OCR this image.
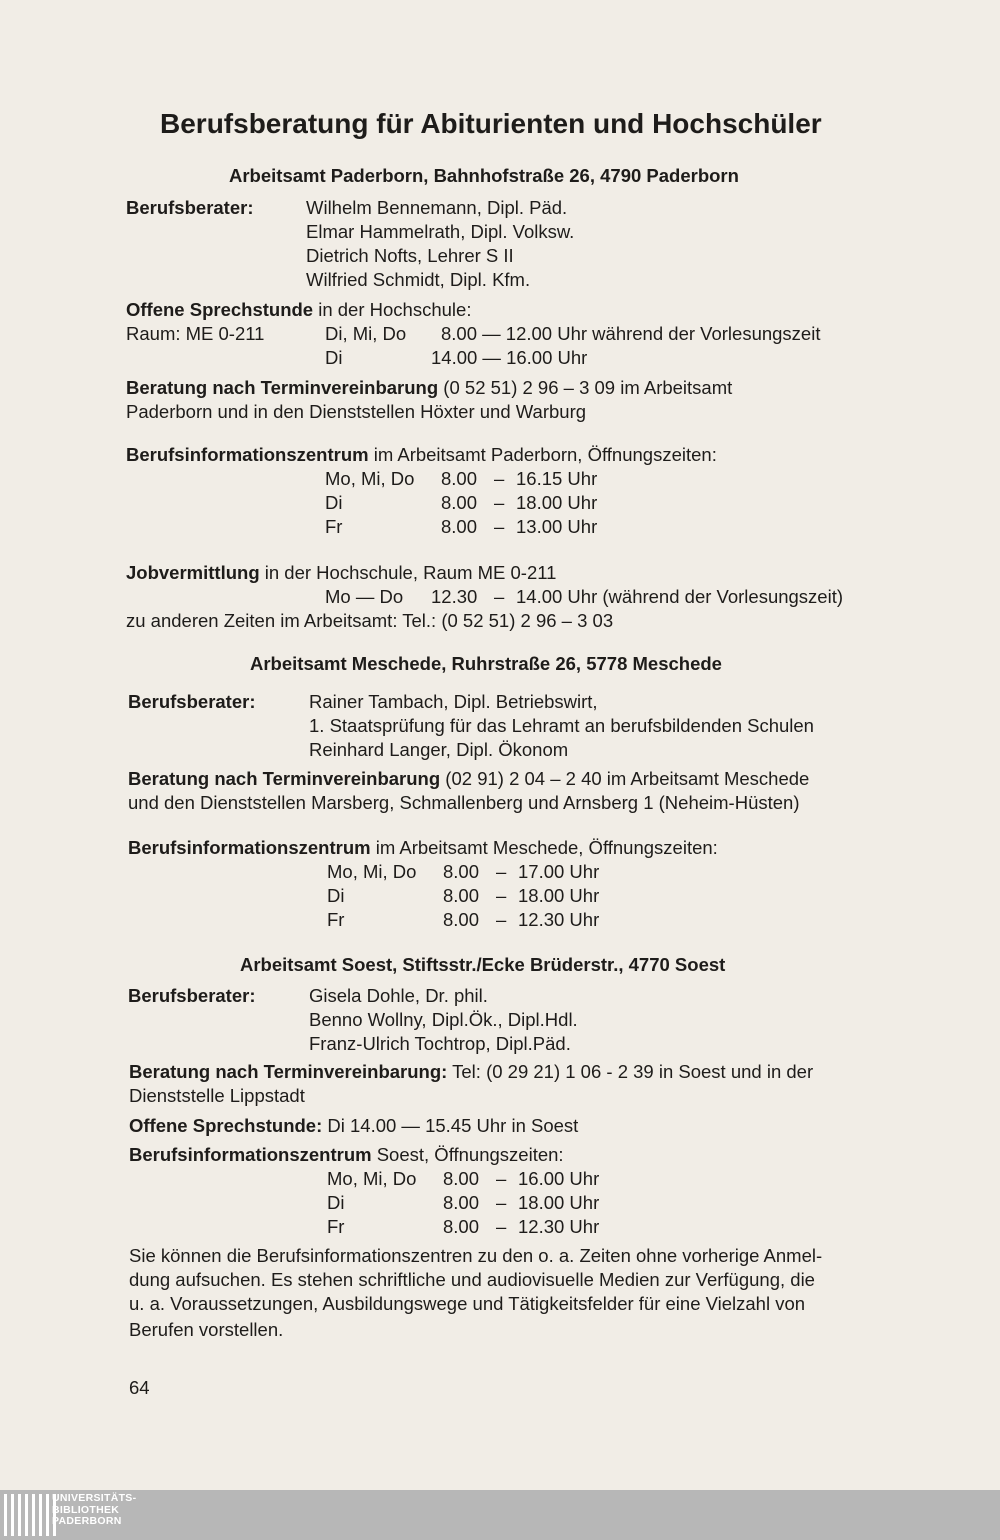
Berufsberatung für Abiturienten und Hochschüler
Arbeitsamt Paderborn, Bahnhofstraße 26, 4790 Paderborn
Berufsberater:	Wilhelm Bennemann, Dipl. Päd.
Elmar Hammelrath, Dipl. Volksw.
Dietrich Nofts, Lehrer S II
Wilfried Schmidt, Dipl. Kfm.
Offene Sprechstunde in der Hochschule:
Raum: ME 0-211	Di, Mi, Do 8.00 — 12.00 Uhr während der Vorlesungszeit
Di	14.00 — 16.00 Uhr
Beratung nach Terminvereinbarung (0 52 51) 2 96 – 3 09 im Arbeitsamt
Paderborn und in den Dienststellen Höxter und Warburg
Berufsinformationszentrum im Arbeitsamt Paderborn, Öffnungszeiten:
Mo, Mi, Do 8.00 – 16.15 Uhr
Di	8.00 – 18.00 Uhr
Fr	8.00 – 13.00 Uhr
Jobvermittlung in der Hochschule, Raum ME 0-211
Mo — Do 12.30 – 14.00 Uhr (während der Vorlesungszeit)
zu anderen Zeiten im Arbeitsamt: Tel.: (0 52 51) 2 96 – 3 03
Arbeitsamt Meschede, Ruhrstraße 26, 5778 Meschede
Berufsberater:	Rainer Tambach, Dipl. Betriebswirt,
1. Staatsprüfung für das Lehramt an berufsbildenden Schulen
Reinhard Langer, Dipl. Ökonom
Beratung nach Terminvereinbarung (02 91) 2 04 – 2 40 im Arbeitsamt Meschede
und den Dienststellen Marsberg, Schmallenberg und Arnsberg 1 (Neheim-Hüsten)
Berufsinformationszentrum im Arbeitsamt Meschede, Öffnungszeiten:
Mo, Mi, Do 8.00 – 17.00 Uhr
Di	8.00 – 18.00 Uhr
Fr	8.00 – 12.30 Uhr
Arbeitsamt Soest, Stiftsstr./Ecke Brüderstr., 4770 Soest
Berufsberater:	Gisela Dohle, Dr. phil.
Benno Wollny, Dipl.Ök., Dipl.Hdl.
Franz-Ulrich Tochtrop, Dipl.Päd.
Beratung nach Terminvereinbarung: Tel: (0 29 21) 1 06 - 2 39 in Soest und in der
Dienststelle Lippstadt
Offene Sprechstunde: Di 14.00 — 15.45 Uhr in Soest
Berufsinformationszentrum Soest, Öffnungszeiten:
Mo, Mi, Do 8.00 – 16.00 Uhr
Di	8.00 – 18.00 Uhr
Fr	8.00 – 12.30 Uhr
Sie können die Berufsinformationszentren zu den o. a. Zeiten ohne vorherige Anmel-
dung aufsuchen. Es stehen schriftliche und audiovisuelle Medien zur Verfügung, die
u. a. Voraussetzungen, Ausbildungswege und Tätigkeitsfelder für eine Vielzahl von
Berufen vorstellen.
64
UNIVERSITÄTS-
BIBLIOTHEK
PADERBORN
